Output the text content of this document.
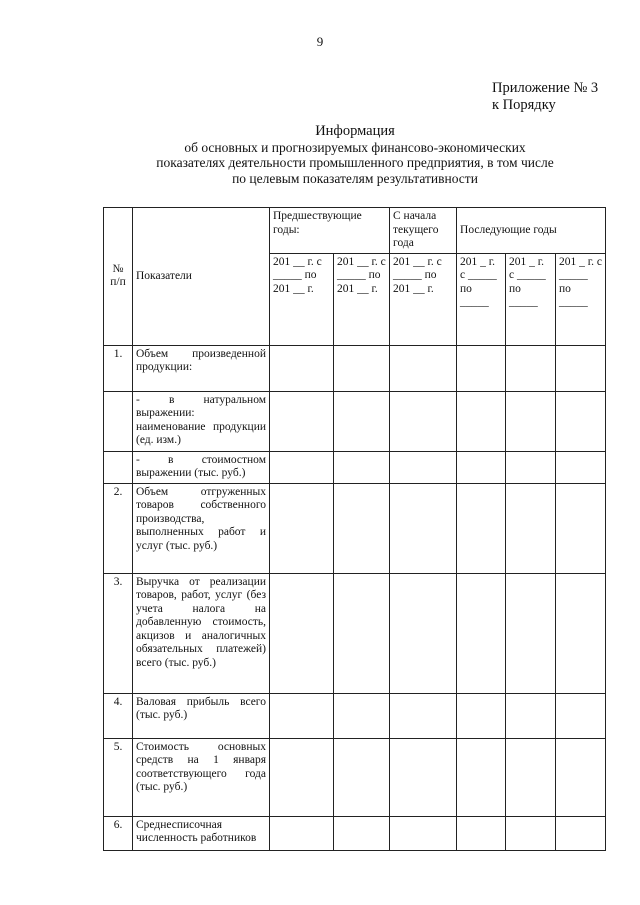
9
Приложение № 3
к Порядку
Информация
об основных и прогнозируемых финансово-экономических
показателях деятельности промышленного предприятия, в том числе
по целевым показателям результативности
№ п/п	Показатели	Предшествующие годы:		С начала текущего года	Последующие годы		
		201 __ г. с _____ по 201 __ г.	201 __ г. с _____ по 201 __ г.	201 __ г. с _____ по 201 __ г.	201 _ г. с _____ по _____	201 _ г. с _____ по _____	201 _ г. с _____ по _____
1.	Объем произведенной продукции:						
	- в натуральном выражении: наименование продукции (ед. изм.)						
	- в стоимостном выражении (тыс. руб.)						
2.	Объем отгруженных товаров собственного производства, выполненных работ и услуг (тыс. руб.)						
3.	Выручка от реализации товаров, работ, услуг (без учета налога на добавленную стоимость, акцизов и аналогичных обязательных платежей) всего (тыс. руб.)						
4.	Валовая прибыль всего (тыс. руб.)						
5.	Стоимость основных средств на 1 января соответствующего года (тыс. руб.)						
6.	Среднесписочная численность работников						
